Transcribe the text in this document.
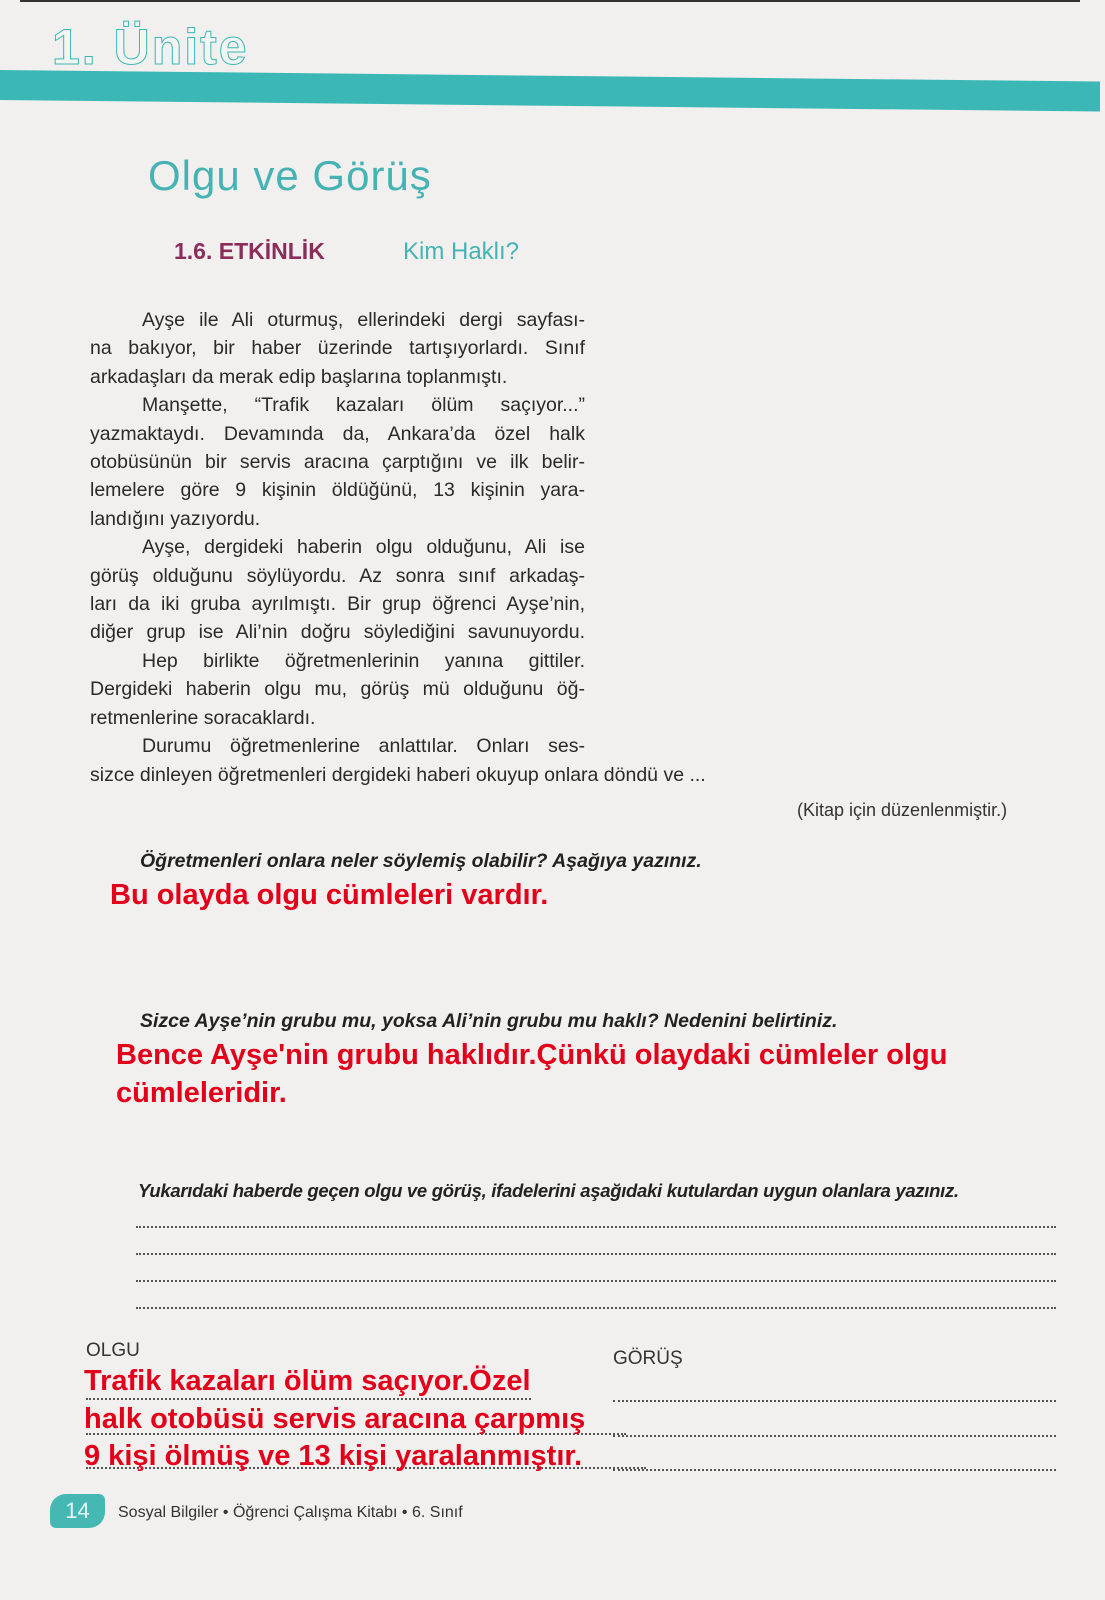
1. Ünite
Olgu ve Görüş
1.6. ETKİNLİK	Kim Haklı?
Ayşe ile Ali oturmuş, ellerindeki dergi sayfası-
na bakıyor, bir haber üzerinde tartışıyorlardı. Sınıf
arkadaşları da merak edip başlarına toplanmıştı.
Manşette, “Trafik kazaları ölüm saçıyor...”
yazmaktaydı. Devamında da, Ankara’da özel halk
otobüsünün bir servis aracına çarptığını ve ilk belir-
lemelere göre 9 kişinin öldüğünü, 13 kişinin yara-
landığını yazıyordu.
Ayşe, dergideki haberin olgu olduğunu, Ali ise
görüş olduğunu söylüyordu. Az sonra sınıf arkadaş-
ları da iki gruba ayrılmıştı. Bir grup öğrenci Ayşe’nin,
diğer grup ise Ali’nin doğru söylediğini savunuyordu.
Hep birlikte öğretmenlerinin yanına gittiler.
Dergideki haberin olgu mu, görüş mü olduğunu öğ-
retmenlerine soracaklardı.
Durumu öğretmenlerine anlattılar. Onları ses-
sizce dinleyen öğretmenleri dergideki haberi okuyup onlara döndü ve ...
(Kitap için düzenlenmiştir.)
Öğretmenleri onlara neler söylemiş olabilir? Aşağıya yazınız.
Bu olayda olgu cümleleri vardır.
Sizce Ayşe’nin grubu mu, yoksa Ali’nin grubu mu haklı? Nedenini belirtiniz.
Bence Ayşe'nin grubu haklıdır.Çünkü olaydaki cümleler olgu cümleleridir.
Yukarıdaki haberde geçen olgu ve görüş, ifadelerini aşağıdaki kutulardan uygun olanlara yazınız.
OLGU	GÖRÜŞ
Trafik kazaları ölüm saçıyor.Özel
halk otobüsü servis aracına çarpmış
9 kişi ölmüş ve 13 kişi yaralanmıştır.
14	Sosyal Bilgiler • Öğrenci Çalışma Kitabı • 6. Sınıf
